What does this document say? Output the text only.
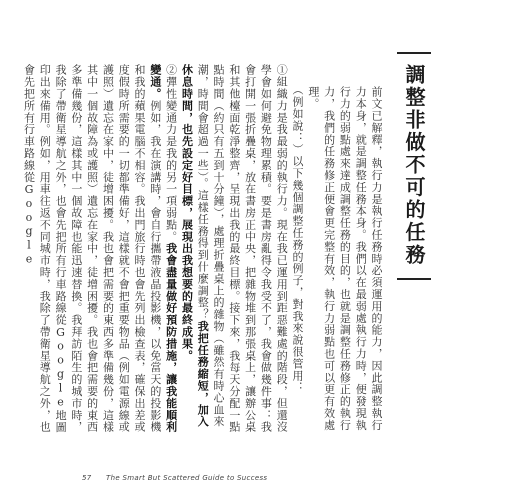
調整非做不可的任務

前文已解釋，執行力是執行任務時必須運用的能力，因此調整執行力本身，就是調整任務本身。我們以在最弱處執行力時，便發現執行力的弱點處來達成調整任務的目的，也就是調整任務修正的執行力，我們的任務修正便會更完整有效，執行力弱點也可以更有效處理。

（例如說：）以下幾個調整任務的例子，對我來說很管用：

①組織力是我最弱的執行力。現在我已運用到距惡難處的階段，但還沒學會如何避免物理累積。要是書房亂得令我受不了，我會做幾件事：我會打開一張折疊桌，放在書房正中央，把雜物堆到那張桌上，讓辦公桌和其他檯面乾淨整齊，呈現出我的最終目標。接下來，我每天分配一點點時間（約只有五到十分鐘），處理折疊桌上的雜物（雖然有時心血來潮，時間會超過一些）。這樣任務得到什麼調整？我把任務縮短，加入休息時間，也先設定好目標，展現出我想要的最終成果。

②彈性變通力是我的另一項弱點。我會盡量做好預防措施，讓我能順利變通。例如，我在演講時，會自行攜帶液晶投影機，以免當天的投影機和我的蘋果電腦不相容。我出門旅行時也會先列出檢查表，確保出差或度假時所需要的一切都準備好，這樣就不會把重要物品（例如電源線或護照）遺忘在家中，徒增困擾。我也會把需要的東西多準備幾份，這樣其中一個故障為或護照）遺忘在家中，徒增困擾。我也會把需要的東西多準備幾份，這樣其中一個故障也能迅速替換。我拜訪陌生的城市時，我除了帶衛星導航之外，也會先把所有行車路線從Google地圖印出來備用。例如，用車往返不同城市時，我除了帶衛星導航之外，也會先把所有行車路線從Google

57 The Smart But Scattered Guide to Success
